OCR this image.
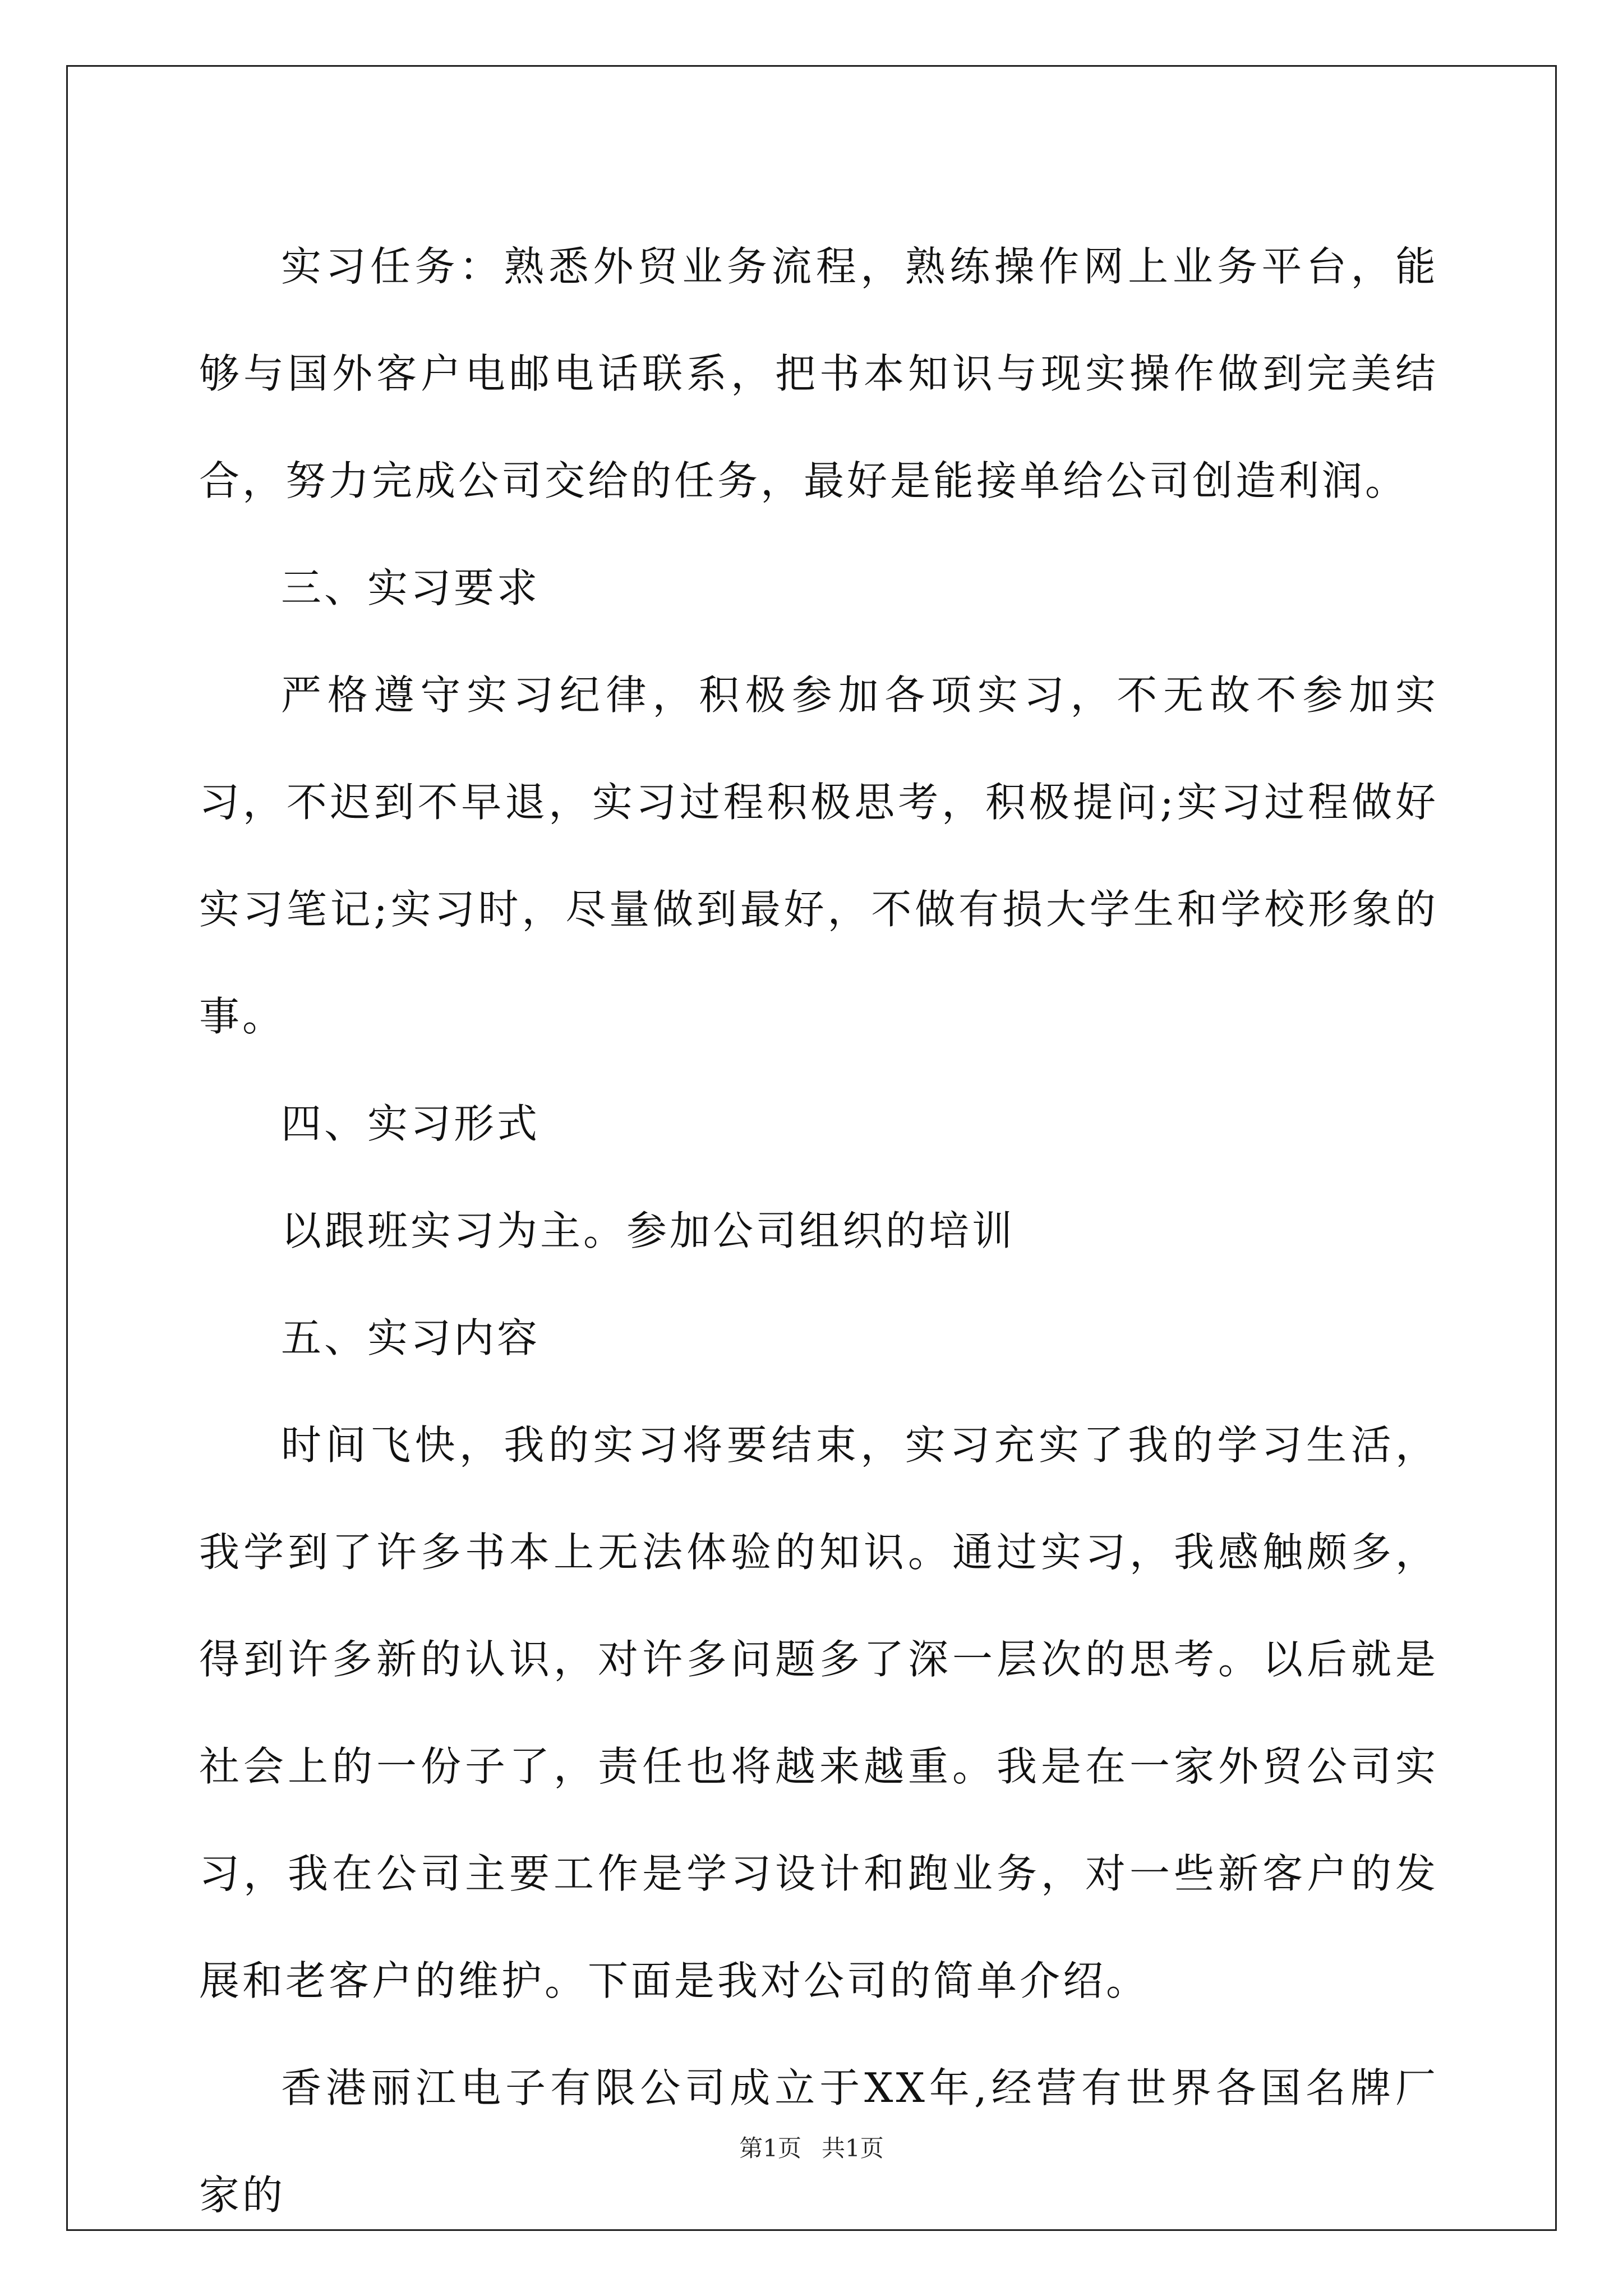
实习任务：熟悉外贸业务流程，熟练操作网上业务平台，能够与国外客户电邮电话联系，把书本知识与现实操作做到完美结合，努力完成公司交给的任务，最好是能接单给公司创造利润。

三、实习要求

严格遵守实习纪律，积极参加各项实习，不无故不参加实习，不迟到不早退，实习过程积极思考，积极提问;实习过程做好实习笔记;实习时，尽量做到最好，不做有损大学生和学校形象的事。

四、实习形式

以跟班实习为主。参加公司组织的培训

五、实习内容

时间飞快，我的实习将要结束，实习充实了我的学习生活，我学到了许多书本上无法体验的知识。通过实习，我感触颇多，得到许多新的认识，对许多问题多了深一层次的思考。以后就是社会上的一份子了，责任也将越来越重。我是在一家外贸公司实习，我在公司主要工作是学习设计和跑业务，对一些新客户的发展和老客户的维护。下面是我对公司的简单介绍。

香港丽江电子有限公司成立于XX年,经营有世界各国名牌厂家的

第1页 共1页
